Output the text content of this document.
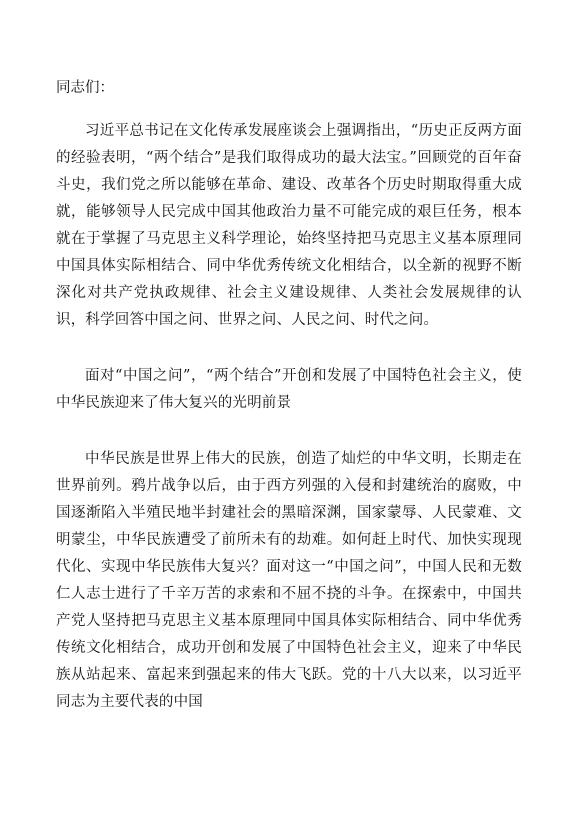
同志们：

习近平总书记在文化传承发展座谈会上强调指出，“历史正反两方面的经验表明，“两个结合”是我们取得成功的最大法宝。”回顾党的百年奋斗史，我们党之所以能够在革命、建设、改革各个历史时期取得重大成就，能够领导人民完成中国其他政治力量不可能完成的艰巨任务，根本就在于掌握了马克思主义科学理论，始终坚持把马克思主义基本原理同中国具体实际相结合、同中华优秀传统文化相结合，以全新的视野不断深化对共产党执政规律、社会主义建设规律、人类社会发展规律的认识，科学回答中国之问、世界之问、人民之问、时代之问。

面对“中国之问”，“两个结合”开创和发展了中国特色社会主义，使中华民族迎来了伟大复兴的光明前景

中华民族是世界上伟大的民族，创造了灿烂的中华文明，长期走在世界前列。鸦片战争以后，由于西方列强的入侵和封建统治的腐败，中国逐渐陷入半殖民地半封建社会的黑暗深渊，国家蒙辱、人民蒙难、文明蒙尘，中华民族遭受了前所未有的劫难。如何赶上时代、加快实现现代化、实现中华民族伟大复兴？面对这一“中国之问”，中国人民和无数仁人志士进行了千辛万苦的求索和不屈不挠的斗争。在探索中，中国共产党人坚持把马克思主义基本原理同中国具体实际相结合、同中华优秀传统文化相结合，成功开创和发展了中国特色社会主义，迎来了中华民族从站起来、富起来到强起来的伟大飞跃。党的十八大以来，以习近平同志为主要代表的中国
